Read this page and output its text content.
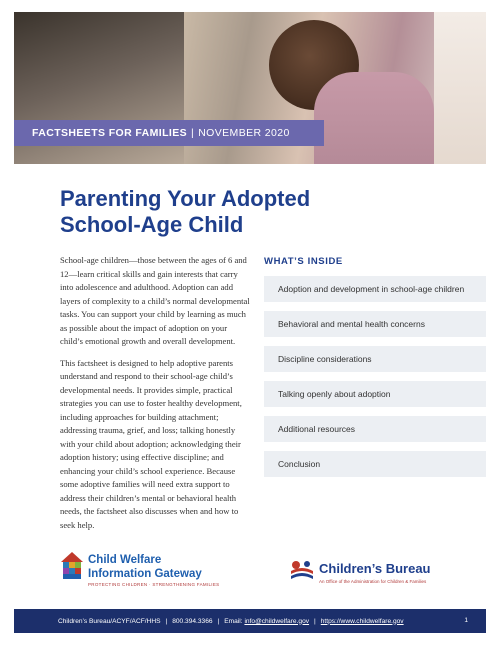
FACTSHEETS FOR FAMILIES | NOVEMBER 2020
Parenting Your Adopted
School-Age Child

School-age children—those between the ages of 6 and 12—learn critical skills and gain interests that carry into adolescence and adulthood. Adoption can add layers of complexity to a child’s normal developmental tasks. You can support your child by learning as much as possible about the impact of adoption on your child’s emotional growth and overall development.

This factsheet is designed to help adoptive parents understand and respond to their school-age child’s developmental needs. It provides simple, practical strategies you can use to foster healthy development, including approaches for building attachment; addressing trauma, grief, and loss; talking honestly with your child about adoption; acknowledging their adoption history; using effective discipline; and enhancing your child’s school experience. Because some adoptive families will need extra support to address their children’s mental or behavioral health needs, the factsheet also discusses when and how to seek help.

WHAT’S INSIDE
Adoption and development in school-age children
Behavioral and mental health concerns
Discipline considerations
Talking openly about adoption
Additional resources
Conclusion
Child Welfare
Information Gateway
PROTECTING CHILDREN · STRENGTHENING FAMILIES
Children’s Bureau
An Office of the Administration for Children & Families
Children’s Bureau/ACYF/ACF/HHS | 800.394.3366 | Email:
info@childwelfare.gov | https://www.childwelfare.gov	1
